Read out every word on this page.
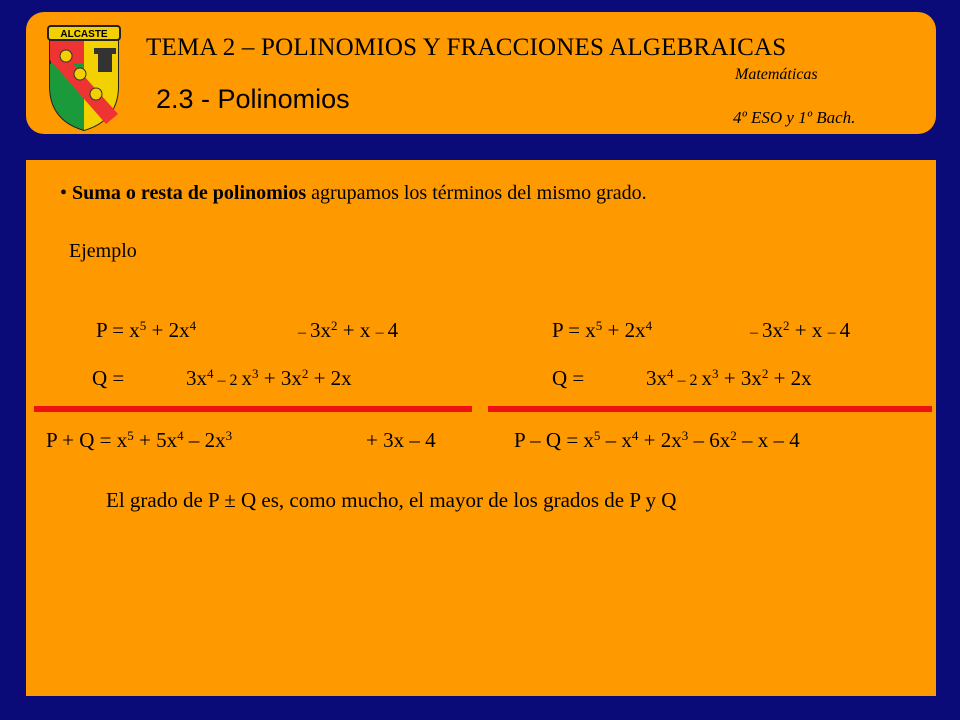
ALCASTE TEMA 2 – POLINOMIOS Y FRACCIONES ALGEBRAICAS
Matemáticas
2.3 - Polinomios
4º ESO y 1º Bach.
• Suma o resta de polinomios agrupamos los términos del mismo grado.
Ejemplo
$P = x^5 + 2x^4$	– $3x^2 + x - 4$
Q =	$3x^4 - 2$ $x^3 + 3x^2 + 2x$
$P + Q = x^5 + 5x^4 - 2x^3$	+ 3x – 4
$P = x^5 + 2x^4$	– $3x^2 + x - 4$
Q =	$3x^4 - 2$ $x^3 + 3x^2 + 2x$
$P - Q = x^5 - x^4 + 2x^3 - 6x^2 - x - 4$
El grado de P ± Q es, como mucho, el mayor de los grados de P y Q
